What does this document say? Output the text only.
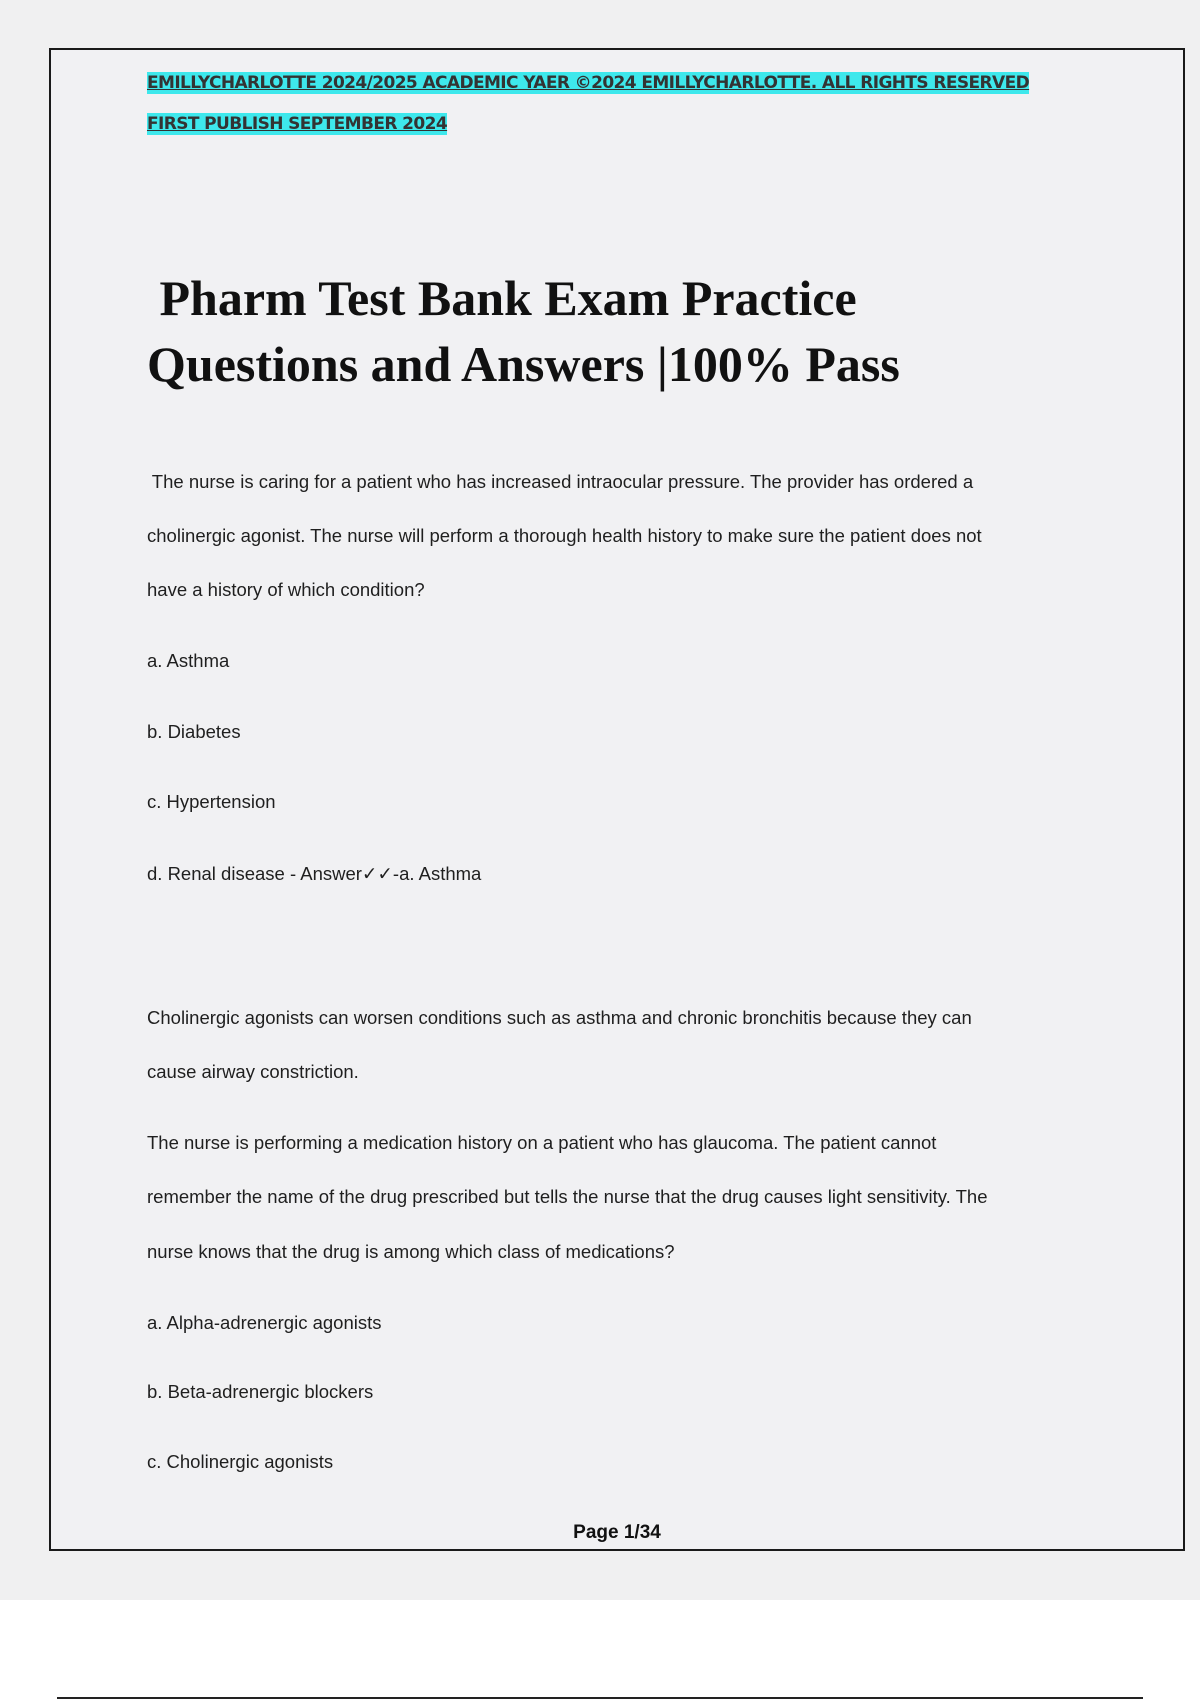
EMILLYCHARLOTTE 2024/2025 ACADEMIC YAER ©2024 EMILLYCHARLOTTE. ALL RIGHTS RESERVED
FIRST PUBLISH SEPTEMBER 2024
Pharm Test Bank Exam Practice
Questions and Answers |100% Pass

The nurse is caring for a patient who has increased intraocular pressure. The provider has ordered a

cholinergic agonist. The nurse will perform a thorough health history to make sure the patient does not

have a history of which condition?

a. Asthma

b. Diabetes

c. Hypertension

d. Renal disease - Answer✓✓-a. Asthma

Cholinergic agonists can worsen conditions such as asthma and chronic bronchitis because they can

cause airway constriction.

The nurse is performing a medication history on a patient who has glaucoma. The patient cannot

remember the name of the drug prescribed but tells the nurse that the drug causes light sensitivity. The

nurse knows that the drug is among which class of medications?

a. Alpha-adrenergic agonists

b. Beta-adrenergic blockers

c. Cholinergic agonists

Page 1/34
